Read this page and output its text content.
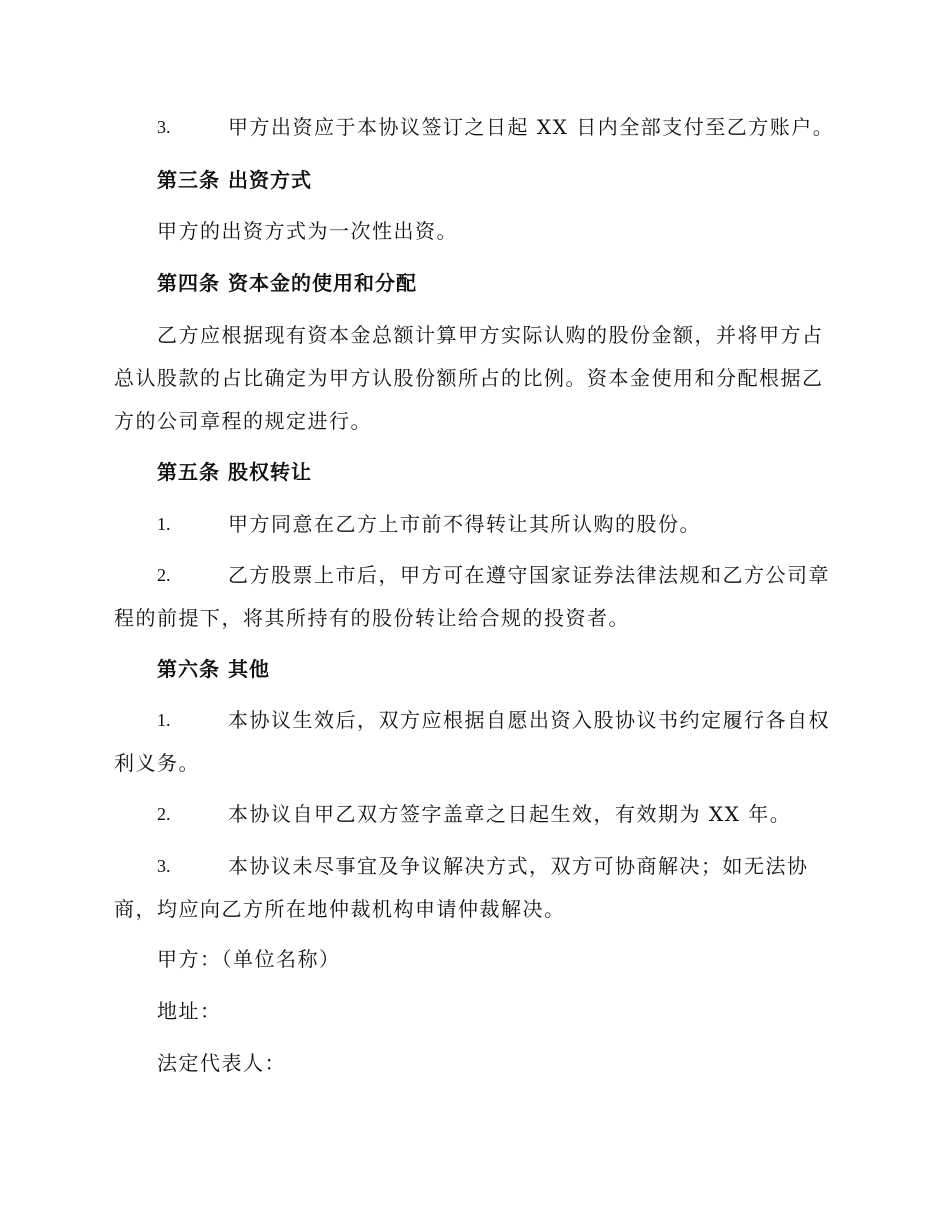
3.	甲方出资应于本协议签订之日起 XX 日内全部支付至乙方账户。
第三条 出资方式
甲方的出资方式为一次性出资。
第四条 资本金的使用和分配
乙方应根据现有资本金总额计算甲方实际认购的股份金额，并将甲方占
总认股款的占比确定为甲方认股份额所占的比例。资本金使用和分配根据乙
方的公司章程的规定进行。
第五条 股权转让
1.	甲方同意在乙方上市前不得转让其所认购的股份。
2.	乙方股票上市后，甲方可在遵守国家证券法律法规和乙方公司章
程的前提下，将其所持有的股份转让给合规的投资者。
第六条 其他
1.	本协议生效后，双方应根据自愿出资入股协议书约定履行各自权
利义务。
2.	本协议自甲乙双方签字盖章之日起生效，有效期为 XX 年。
3.	本协议未尽事宜及争议解决方式，双方可协商解决；如无法协
商，均应向乙方所在地仲裁机构申请仲裁解决。
甲方：（单位名称）
地址：
法定代表人：
